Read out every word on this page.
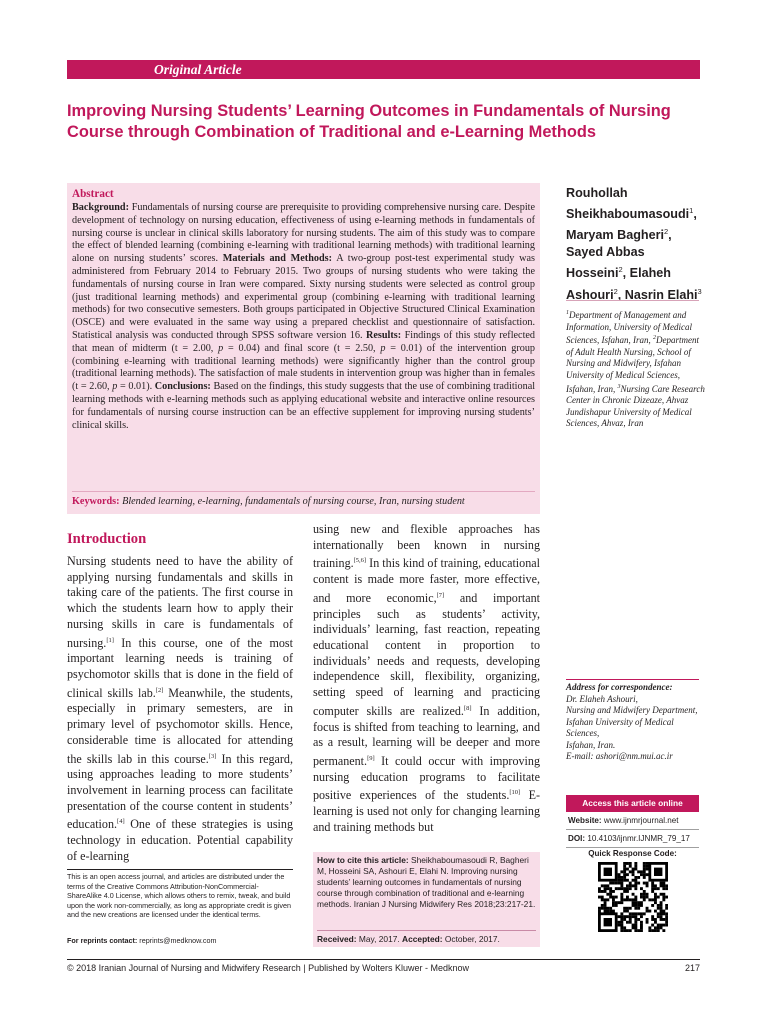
Original Article
Improving Nursing Students’ Learning Outcomes in Fundamentals of Nursing Course through Combination of Traditional and e-Learning Methods
Abstract

Background: Fundamentals of nursing course are prerequisite to providing comprehensive nursing care. Despite development of technology on nursing education, effectiveness of using e-learning methods in fundamentals of nursing course is unclear in clinical skills laboratory for nursing students. The aim of this study was to compare the effect of blended learning (combining e-learning with traditional learning methods) with traditional learning alone on nursing students’ scores. Materials and Methods: A two-group post-test experimental study was administered from February 2014 to February 2015. Two groups of nursing students who were taking the fundamentals of nursing course in Iran were compared. Sixty nursing students were selected as control group (just traditional learning methods) and experimental group (combining e-learning with traditional learning methods) for two consecutive semesters. Both groups participated in Objective Structured Clinical Examination (OSCE) and were evaluated in the same way using a prepared checklist and questionnaire of satisfaction. Statistical analysis was conducted through SPSS software version 16. Results: Findings of this study reflected that mean of midterm (t = 2.00, p = 0.04) and final score (t = 2.50, p = 0.01) of the intervention group (combining e-learning with traditional learning methods) were significantly higher than the control group (traditional learning methods). The satisfaction of male students in intervention group was higher than in females (t = 2.60, p = 0.01). Conclusions: Based on the findings, this study suggests that the use of combining traditional learning methods with e-learning methods such as applying educational website and interactive online resources for fundamentals of nursing course instruction can be an effective supplement for improving nursing students’ clinical skills.

Keywords: Blended learning, e-learning, fundamentals of nursing course, Iran, nursing student
Rouhollah Sheikhaboumasoudi$^1$, Maryam Bagheri$^2$, Sayed Abbas Hosseini$^2$, Elaheh Ashouri$^2$, Nasrin Elahi$^3$
$^1$Department of Management and Information, University of Medical Sciences, Isfahan, Iran, $^2$Department of Adult Health Nursing, School of Nursing and Midwifery, Isfahan University of Medical Sciences, Isfahan, Iran, $^3$Nursing Care Research Center in Chronic Dizeaze, Ahvaz Jundishapur University of Medical Sciences, Ahvaz, Iran
Address for correspondence:
Dr. Elaheh Ashouri,
Nursing and Midwifery Department, Isfahan University of Medical Sciences,
Isfahan, Iran.
E-mail: ashori@nm.mui.ac.ir
Access this article online
Website: www.ijnmrjournal.net
DOI: 10.4103/ijnmr.IJNMR_79_17
Quick Response Code:
Introduction

Nursing students need to have the ability of applying nursing fundamentals and skills in taking care of the patients. The first course in which the students learn how to apply their nursing skills in care is fundamentals of nursing.[1] In this course, one of the most important learning needs is training of psychomotor skills that is done in the field of clinical skills lab.[2] Meanwhile, the students, especially in primary semesters, are in primary level of psychomotor skills. Hence, considerable time is allocated for attending the skills lab in this course.[3] In this regard, using approaches leading to more students’ involvement in learning process can facilitate presentation of the course content in students’ education.[4] One of these strategies is using technology in education. Potential capability of e-learning

using new and flexible approaches has internationally been known in nursing training.[5,6] In this kind of training, educational content is made more faster, more effective, and more economic,[7] and important principles such as students’ activity, individuals’ learning, fast reaction, repeating educational content in proportion to individuals’ needs and requests, developing independence skill, flexibility, organizing, setting speed of learning and practicing computer skills are realized.[8] In addition, focus is shifted from teaching to learning, and as a result, learning will be deeper and more permanent.[9] It could occur with improving nursing education programs to facilitate positive experiences of the students.[10] E-learning is used not only for changing learning and training methods but

This is an open access journal, and articles are distributed under the terms of the Creative Commons Attribution-NonCommercial-ShareAlike 4.0 License, which allows others to remix, tweak, and build upon the work non-commercially, as long as appropriate credit is given and the new creations are licensed under the identical terms.

For reprints contact: reprints@medknow.com
How to cite this article: Sheikhaboumasoudi R, Bagheri M, Hosseini SA, Ashouri E, Elahi N. Improving nursing students’ learning outcomes in fundamentals of nursing course through combination of traditional and e-learning methods. Iranian J Nursing Midwifery Res 2018;23:217-21.
Received: May, 2017. Accepted: October, 2017.
© 2018 Iranian Journal of Nursing and Midwifery Research | Published by Wolters Kluwer - Medknow	217
